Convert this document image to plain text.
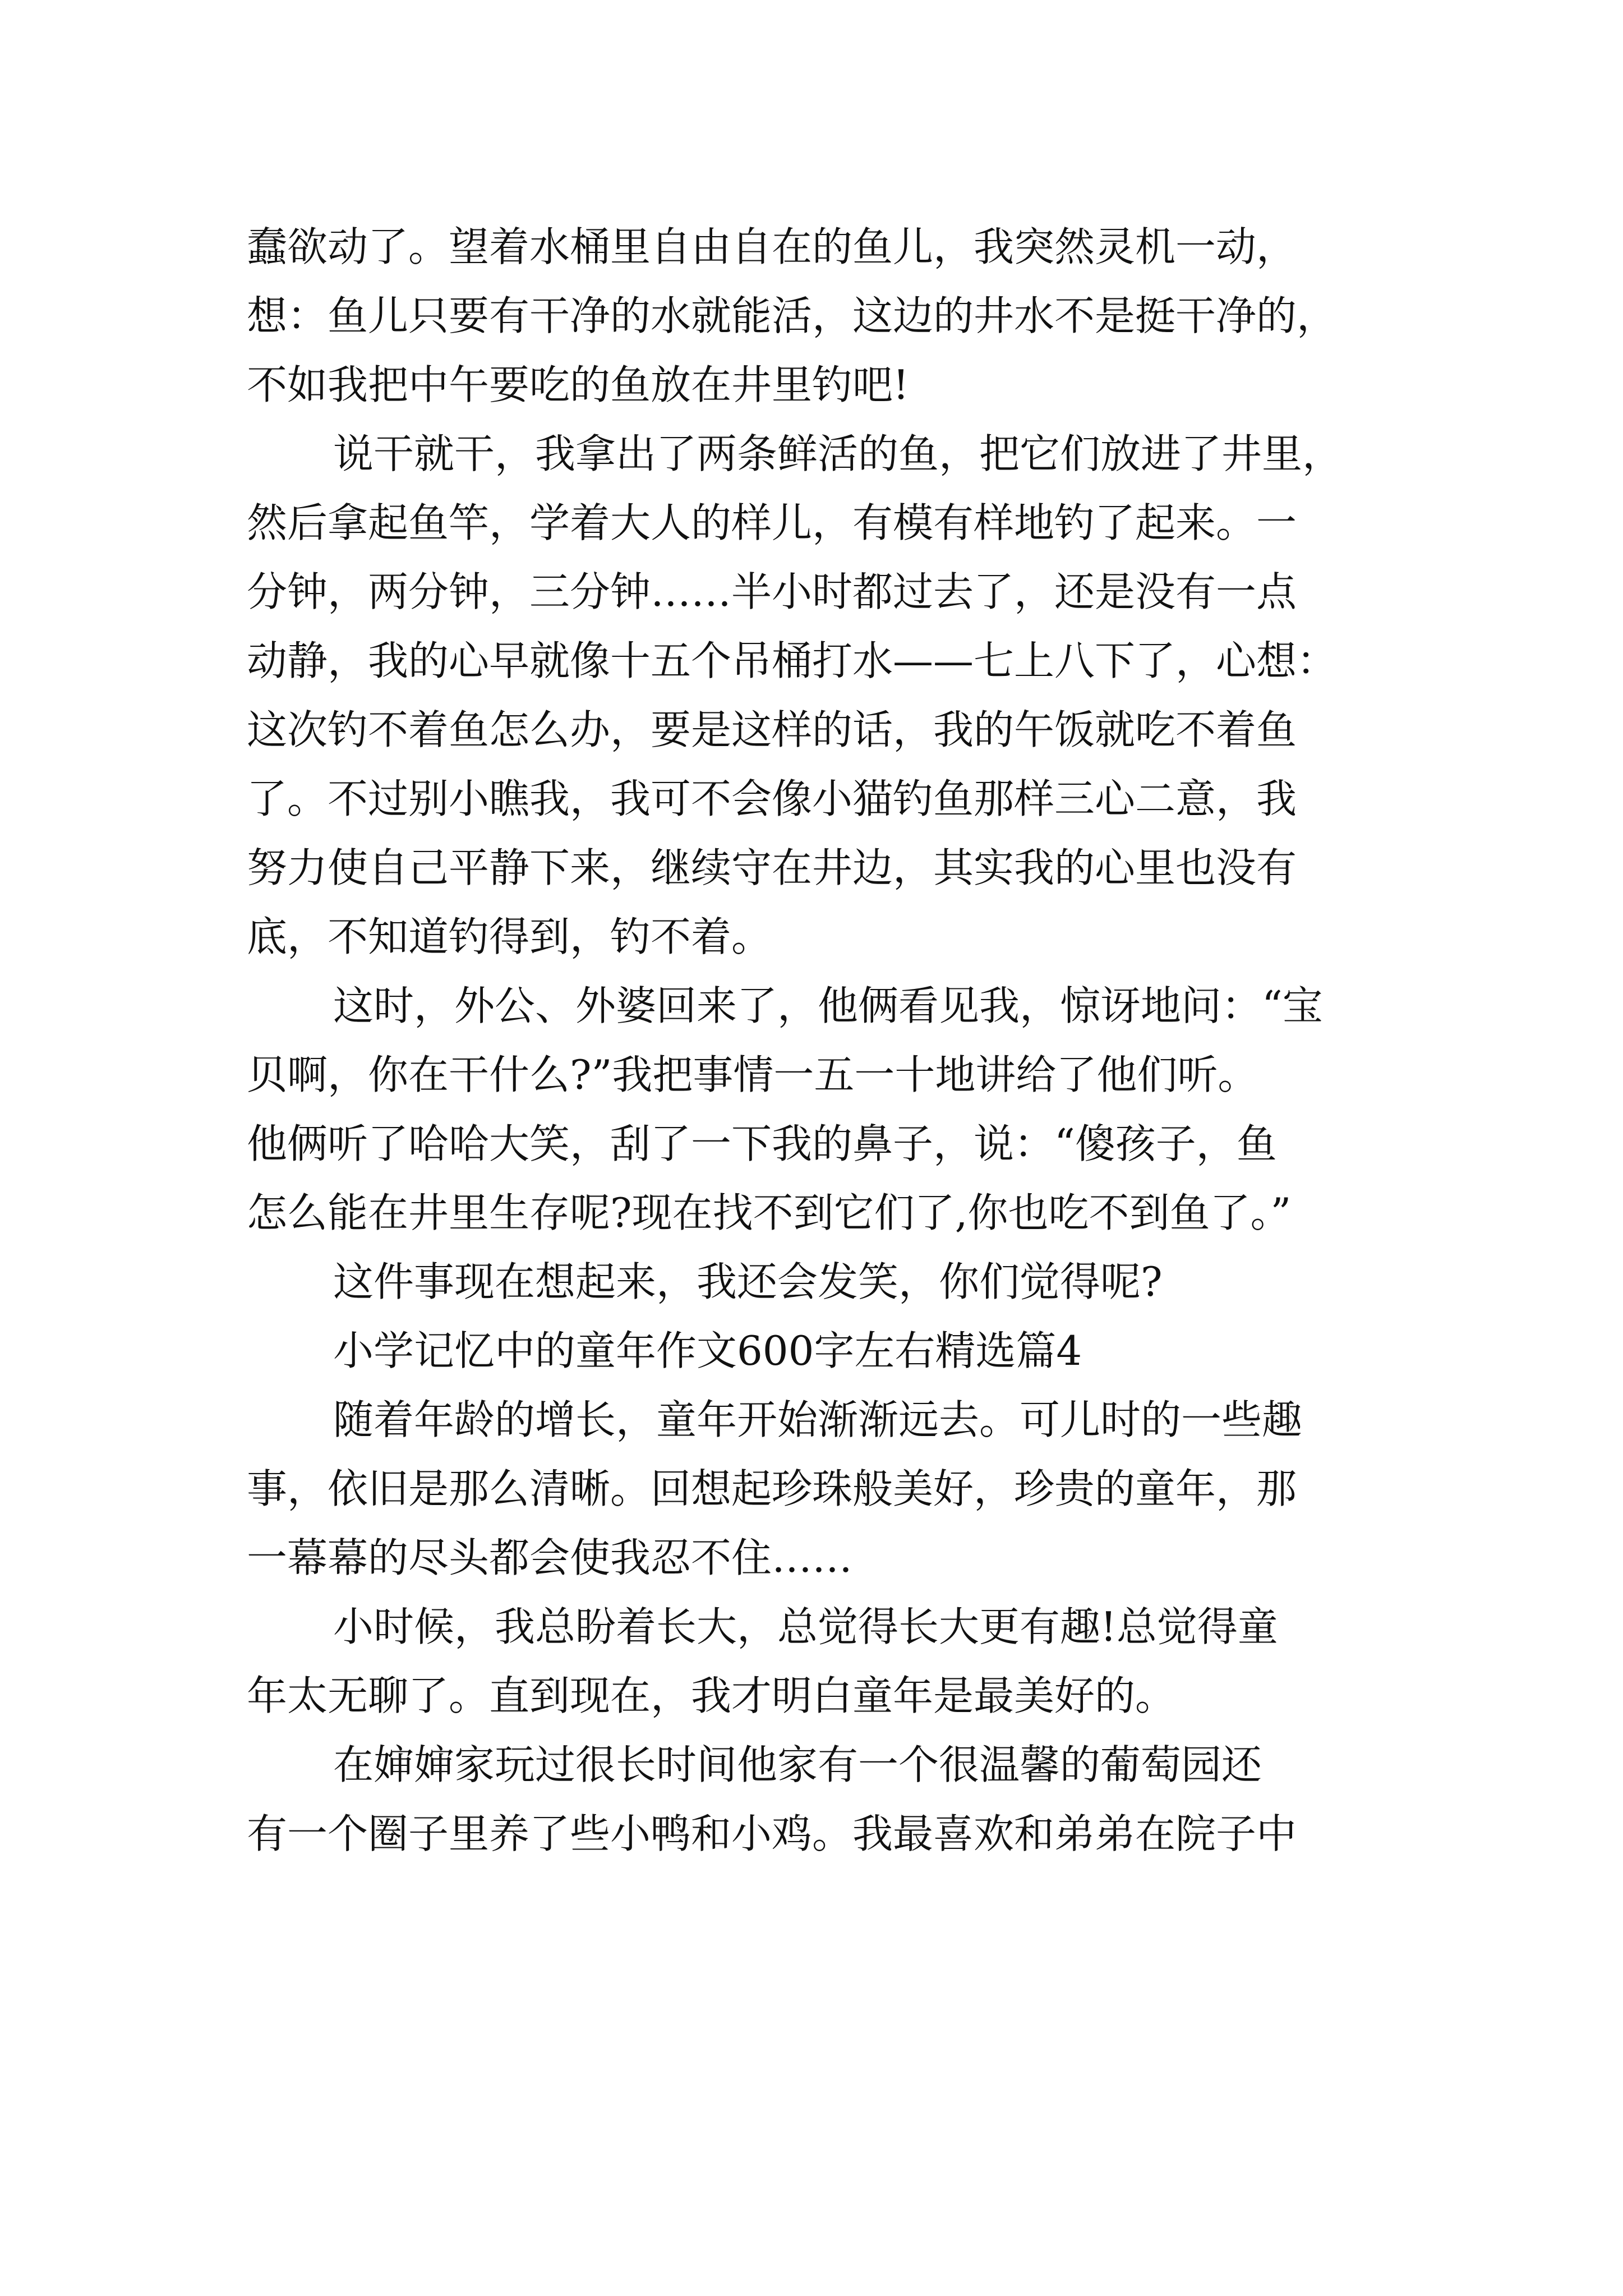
蠢欲动了。望着水桶里自由自在的鱼儿，我突然灵机一动，
想：鱼儿只要有干净的水就能活，这边的井水不是挺干净的，
不如我把中午要吃的鱼放在井里钓吧!
说干就干，我拿出了两条鲜活的鱼，把它们放进了井里，
然后拿起鱼竿，学着大人的样儿，有模有样地钓了起来。一
分钟，两分钟，三分钟……半小时都过去了，还是没有一点
动静，我的心早就像十五个吊桶打水——七上八下了，心想：
这次钓不着鱼怎么办，要是这样的话，我的午饭就吃不着鱼
了。不过别小瞧我，我可不会像小猫钓鱼那样三心二意，我
努力使自己平静下来，继续守在井边，其实我的心里也没有
底，不知道钓得到，钓不着。
这时，外公、外婆回来了，他俩看见我，惊讶地问：“宝
贝啊，你在干什么?”我把事情一五一十地讲给了他们听。
他俩听了哈哈大笑，刮了一下我的鼻子，说：“傻孩子，鱼
怎么能在井里生存呢?现在找不到它们了,你也吃不到鱼了。”
这件事现在想起来，我还会发笑，你们觉得呢?
小学记忆中的童年作文600字左右精选篇4
随着年龄的增长，童年开始渐渐远去。可儿时的一些趣
事，依旧是那么清晰。回想起珍珠般美好，珍贵的童年，那
一幕幕的尽头都会使我忍不住……
小时候，我总盼着长大，总觉得长大更有趣!总觉得童
年太无聊了。直到现在，我才明白童年是最美好的。
在婶婶家玩过很长时间他家有一个很温馨的葡萄园还
有一个圈子里养了些小鸭和小鸡。我最喜欢和弟弟在院子中
